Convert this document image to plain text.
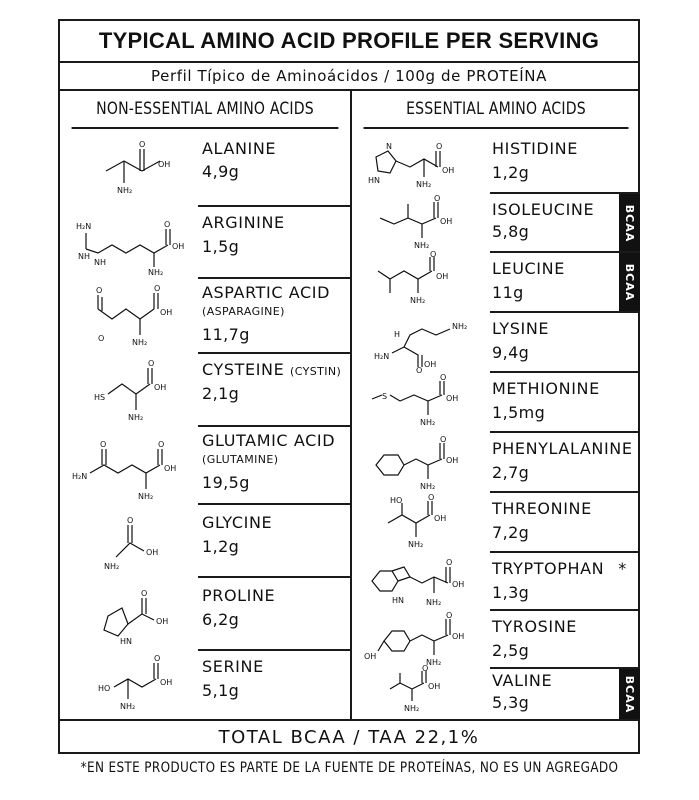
TYPICAL AMINO ACID PROFILE PER SERVING
Perfil Típico de Aminoácidos / 100g de PROTEÍNA
NON-ESSENTIAL AMINO ACIDS	ESSENTIAL AMINO ACIDS
O
OH
NH₂
ALANINE
4,9g
H₂N
NH
NH
O
OH
NH₂
ARGININE
1,5g
O
O
O
OH
NH₂
ASPARTIC ACID
(ASPARAGINE)
11,7g
HS
O
OH
NH₂
CYSTEINE (CYSTIN)
2,1g
O
H₂N
O
OH
NH₂
GLUTAMIC ACID
(GLUTAMINE)
19,5g
O
OH
NH₂
GLYCINE
1,2g
O
OH
HN
PROLINE
6,2g
HO
O
OH
NH₂
SERINE
5,1g
N
HN
O
OH
NH₂
HISTIDINE
1,2g
O
OH
NH₂
ISOLEUCINE
5,8g	BCAA
O
OH
NH₂
LEUCINE
11g	BCAA
H
NH₂
H₂N
OH
O
LYSINE
9,4g
S
O
OH
NH₂
METHIONINE
1,5mg
O
OH
NH₂
PHENYLALANINE
2,7g
HO	O
OH
NH₂
THREONINE
7,2g
HN
O
OH
NH₂
TRYPTOPHAN *
1,3g
OH
O
OH
NH₂
TYROSINE
2,5g
O
OH
NH₂
VALINE
5,3g	BCAA
TOTAL BCAA / TAA 22,1%
*EN ESTE PRODUCTO ES PARTE DE LA FUENTE DE PROTEÍNAS, NO ES UN AGREGADO
